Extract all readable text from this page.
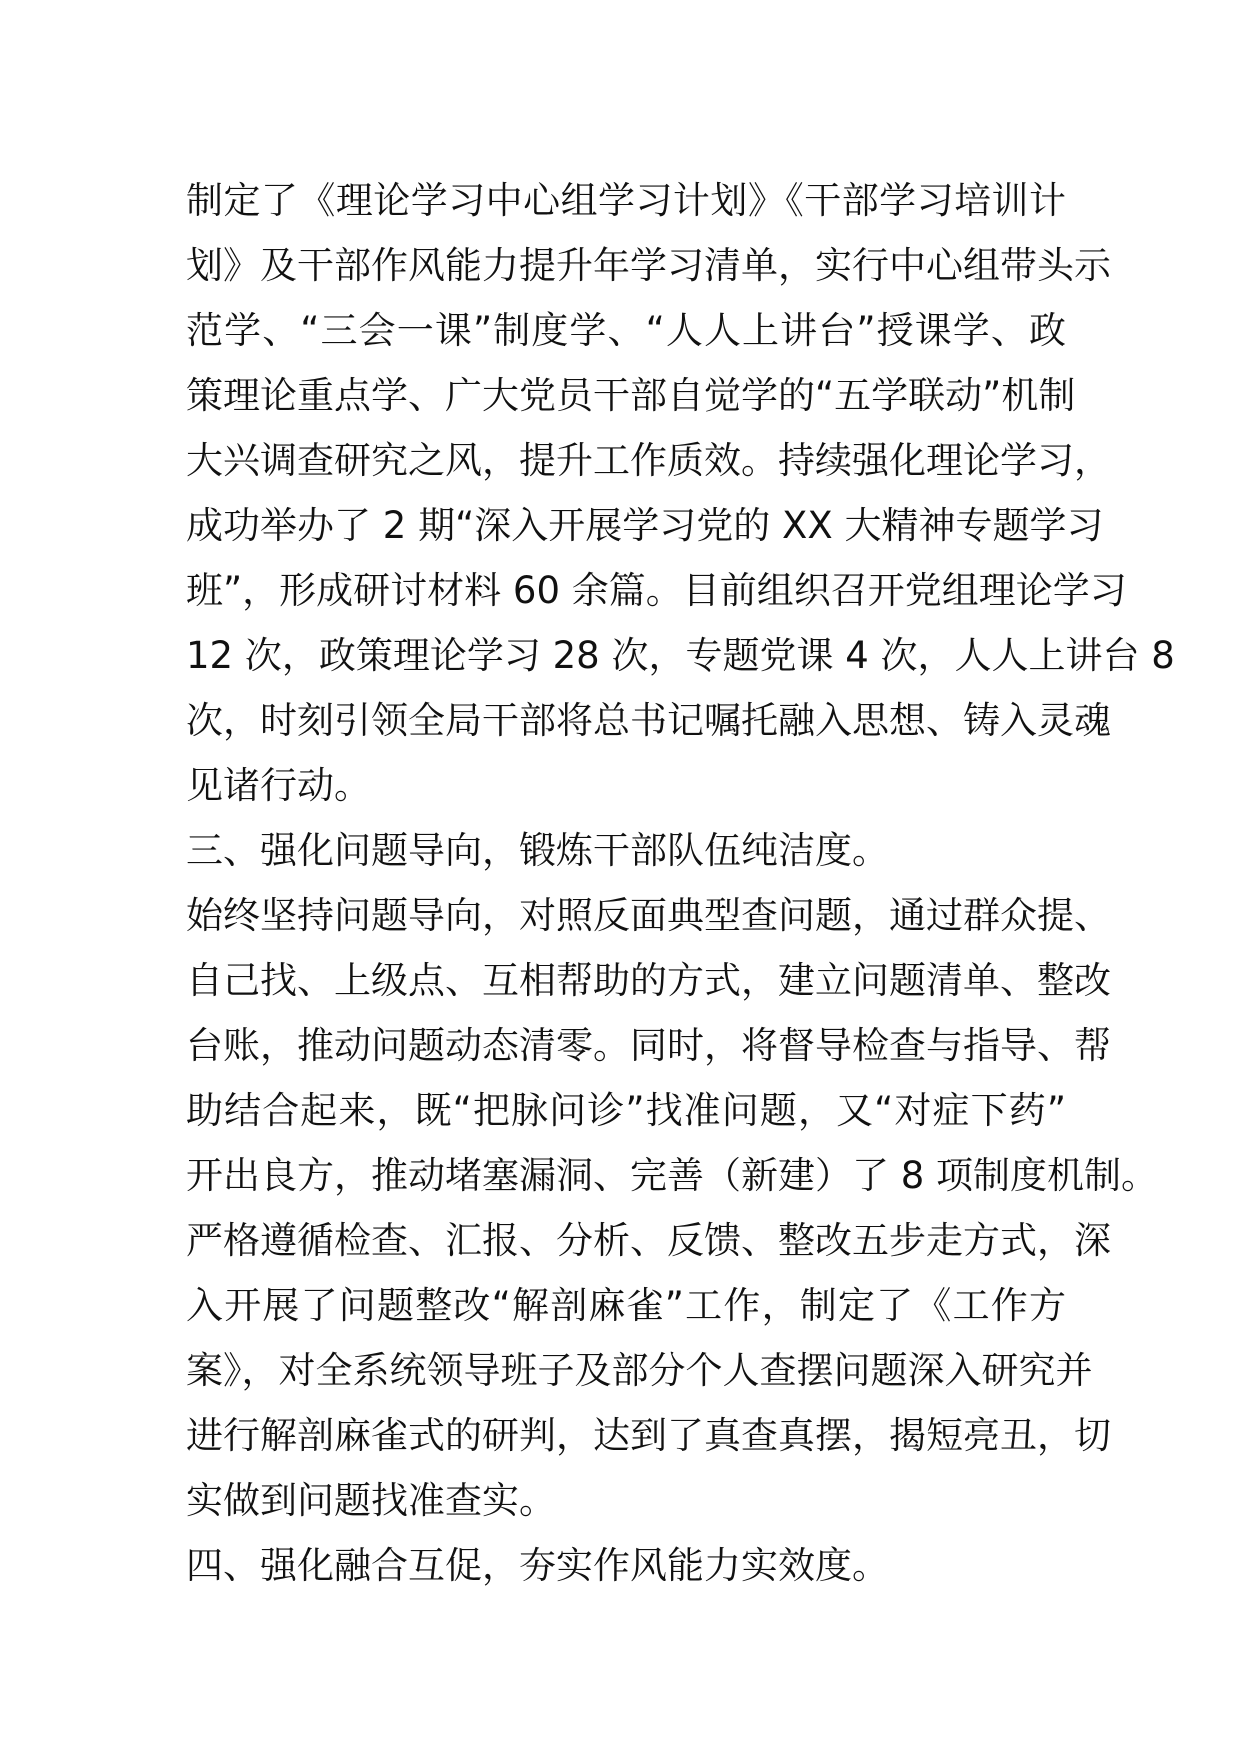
制定了《理论学习中心组学习计划》《干部学习培训计
划》及干部作风能力提升年学习清单，实行中心组带头示
范学、“三会一课”制度学、“人人上讲台”授课学、政
策理论重点学、广大党员干部自觉学的“五学联动”机制
大兴调查研究之风，提升工作质效。持续强化理论学习，
成功举办了 2 期“深入开展学习党的 XX 大精神专题学习
班”，形成研讨材料 60 余篇。目前组织召开党组理论学习
12 次，政策理论学习 28 次，专题党课 4 次，人人上讲台 8
次，时刻引领全局干部将总书记嘱托融入思想、铸入灵魂
见诸行动。
三、强化问题导向，锻炼干部队伍纯洁度。
始终坚持问题导向，对照反面典型查问题，通过群众提、
自己找、上级点、互相帮助的方式，建立问题清单、整改
台账，推动问题动态清零。同时，将督导检查与指导、帮
助结合起来，既“把脉问诊”找准问题，又“对症下药”
开出良方，推动堵塞漏洞、完善（新建）了 8 项制度机制。
严格遵循检查、汇报、分析、反馈、整改五步走方式，深
入开展了问题整改“解剖麻雀”工作，制定了《工作方
案》，对全系统领导班子及部分个人查摆问题深入研究并
进行解剖麻雀式的研判，达到了真查真摆，揭短亮丑，切
实做到问题找准查实。
四、强化融合互促，夯实作风能力实效度。
